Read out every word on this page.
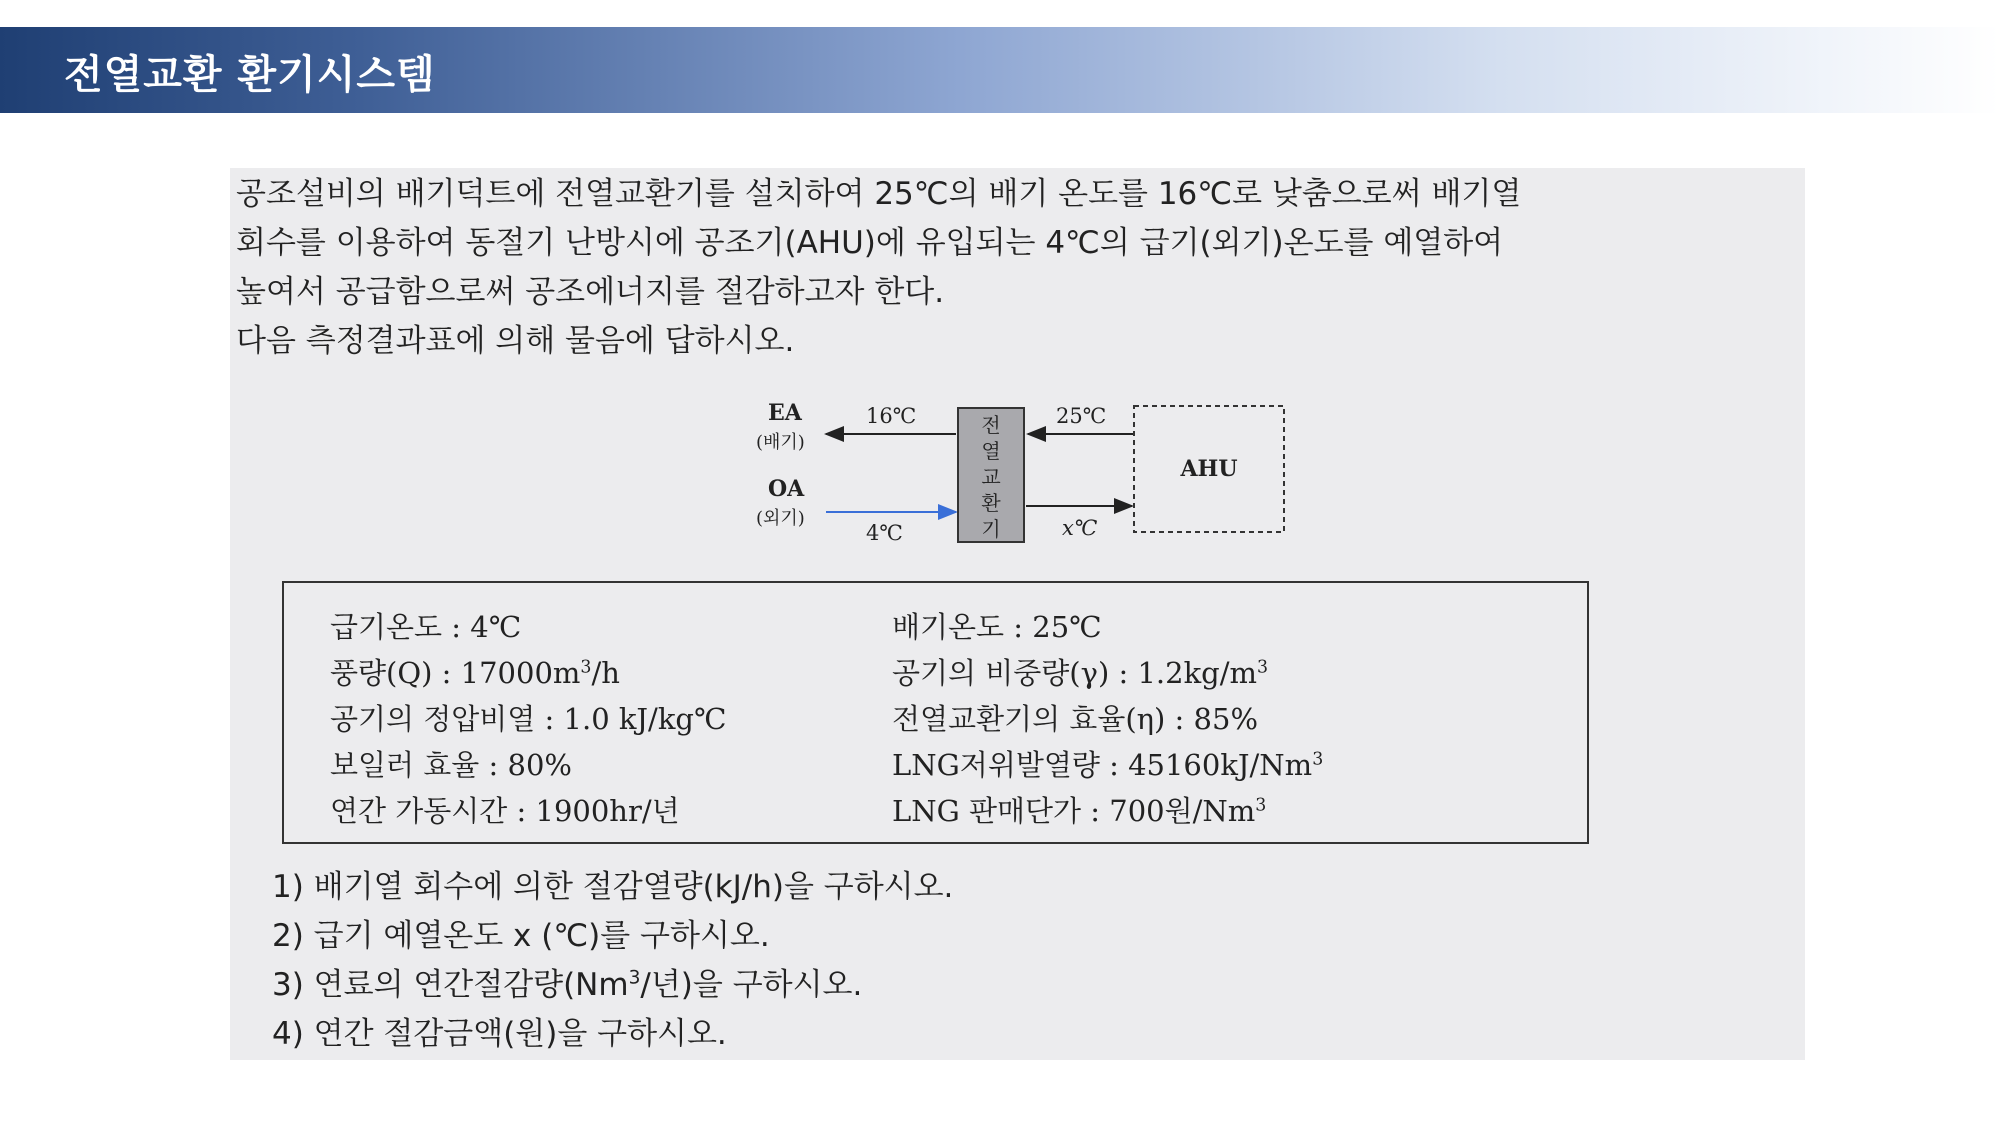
전열교환 환기시스템
공조설비의 배기덕트에 전열교환기를 설치하여 25℃의 배기 온도를 16℃로 낮춤으로써 배기열
회수를 이용하여 동절기 난방시에 공조기(AHU)에 유입되는 4℃의 급기(외기)온도를 예열하여
높여서 공급함으로써 공조에너지를 절감하고자 한다.
다음 측정결과표에 의해 물음에 답하시오.
EA
(배기)
OA
(외기)
16℃
4℃
전
열
교
환
기
25℃
x℃
AHU
급기온도 : 4℃
풍량(Q) : $17000m^3/h$
공기의 정압비열 : 1.0 kJ/kg℃
보일러 효율 : 80%
연간 가동시간 : 1900hr/년
배기온도 : 25℃
공기의 비중량(γ) : $1.2kg/m^3$
전열교환기의 효율(η) : 85%
LNG저위발열량 : 45160kJ/Nm$^3$
LNG 판매단가 : 700원/Nm$^3$
1) 배기열 회수에 의한 절감열량(kJ/h)을 구하시오.
2) 급기 예열온도 x (℃)를 구하시오.
3) 연료의 연간절감량(Nm$^3$/년)을 구하시오.
4) 연간 절감금액(원)을 구하시오.
